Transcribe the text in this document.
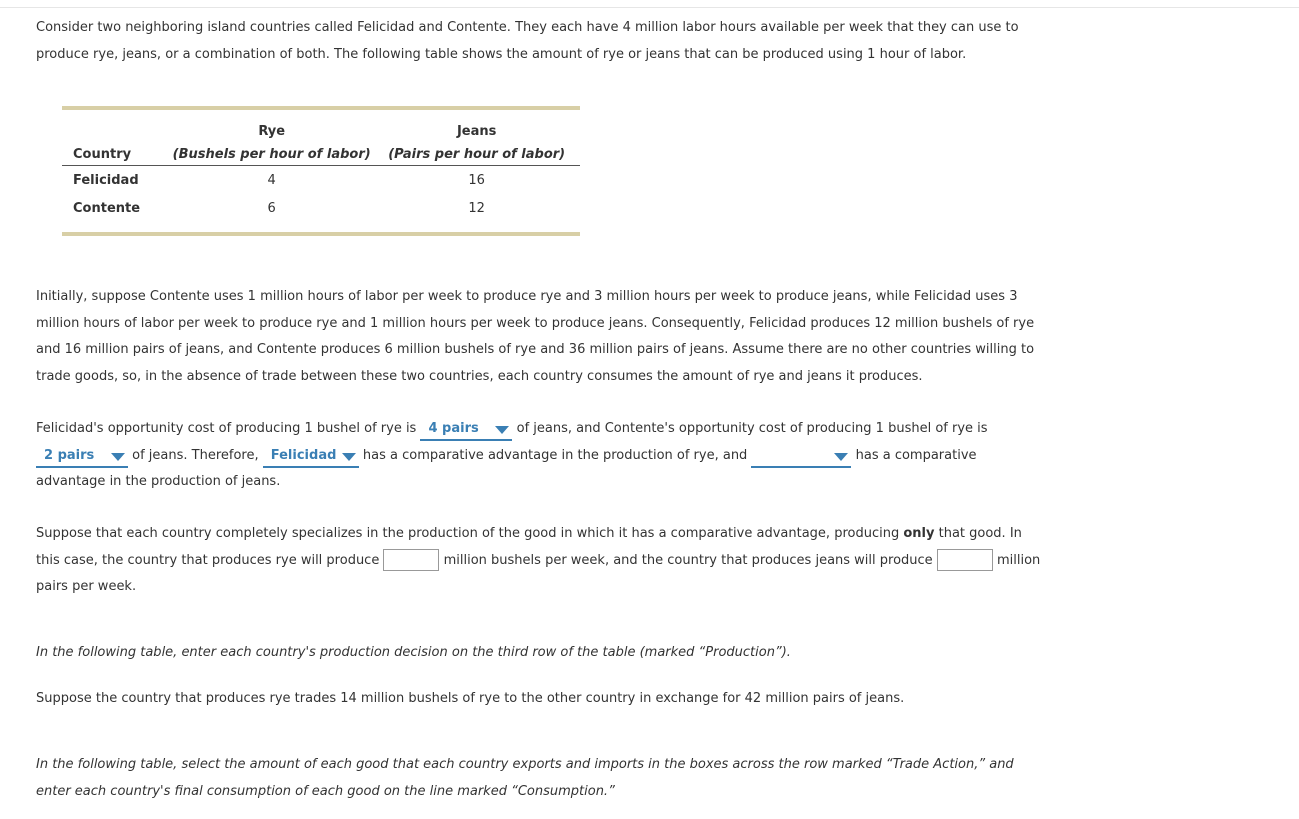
Consider two neighboring island countries called Felicidad and Contente. They each have 4 million labor hours available per week that they can use to produce rye, jeans, or a combination of both. The following table shows the amount of rye or jeans that can be produced using 1 hour of labor.

	Rye	Jeans
Country	(Bushels per hour of labor)	(Pairs per hour of labor)
Felicidad	4	16
Contente	6	12

Initially, suppose Contente uses 1 million hours of labor per week to produce rye and 3 million hours per week to produce jeans, while Felicidad uses 3 million hours of labor per week to produce rye and 1 million hours per week to produce jeans. Consequently, Felicidad produces 12 million bushels of rye and 16 million pairs of jeans, and Contente produces 6 million bushels of rye and 36 million pairs of jeans. Assume there are no other countries willing to trade goods, so, in the absence of trade between these two countries, each country consumes the amount of rye and jeans it produces.

Felicidad's opportunity cost of producing 1 bushel of rye is 4 pairs	of jeans, and Contente's opportunity cost of producing 1 bushel of rye is 2 pairs	of jeans. Therefore, Felicidad has a comparative advantage in the production of rye, and	has a comparative advantage in the production of jeans.

Suppose that each country completely specializes in the production of the good in which it has a comparative advantage, producing only that good. In this case, the country that produces rye will produce	million bushels per week, and the country that produces jeans will produce	million pairs per week.

In the following table, enter each country's production decision on the third row of the table (marked “Production”).

Suppose the country that produces rye trades 14 million bushels of rye to the other country in exchange for 42 million pairs of jeans.

In the following table, select the amount of each good that each country exports and imports in the boxes across the row marked “Trade Action,” and enter each country's final consumption of each good on the line marked “Consumption.”
